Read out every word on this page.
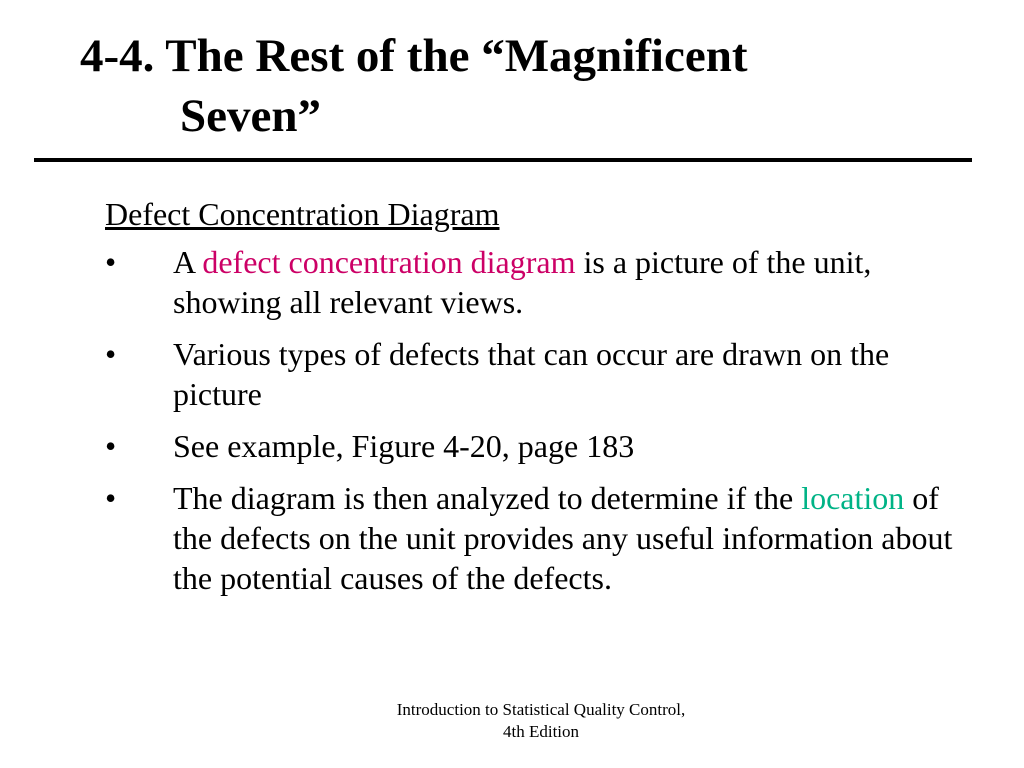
4-4. The Rest of the “Magnificent
Seven”
Defect Concentration Diagram
• A defect concentration diagram is a picture of the unit, showing all relevant views.
• Various types of defects that can occur are drawn on the picture
• See example, Figure 4-20, page 183
• The diagram is then analyzed to determine if the location of the defects on the unit provides any useful information about the potential causes of the defects.
Introduction to Statistical Quality Control,
4th Edition
